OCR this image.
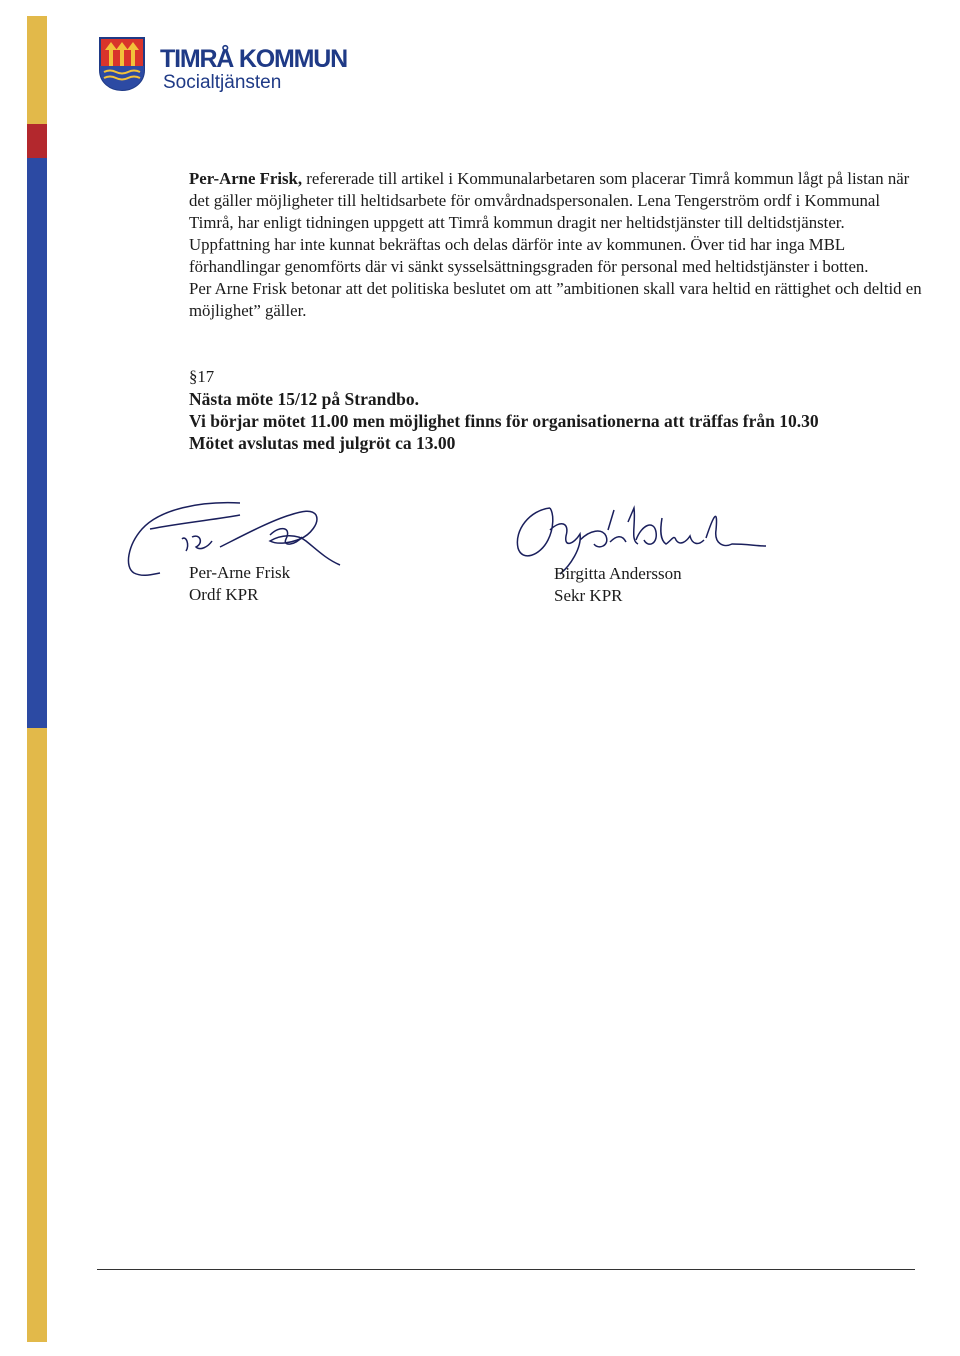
TIMRÅ KOMMUN
Socialtjänsten

Per-Arne Frisk, refererade till artikel i Kommunalarbetaren som placerar Timrå kommun lågt på listan när det gäller möjligheter till heltidsarbete för omvårdnadspersonalen. Lena Tengerström ordf i Kommunal Timrå, har enligt tidningen uppgett att Timrå kommun dragit ner heltidstjänster till deltidstjänster. Uppfattning har inte kunnat bekräftas och delas därför inte av kommunen. Över tid har inga MBL förhandlingar genomförts där vi sänkt sysselsättningsgraden för personal med heltidstjänster i botten.

Per Arne Frisk betonar att det politiska beslutet om att ”ambitionen skall vara heltid en rättighet och deltid en möjlighet” gäller.

§17
Nästa möte 15/12 på Strandbo.
Vi börjar mötet 11.00 men möjlighet finns för organisationerna att träffas från 10.30
Mötet avslutas med julgröt ca 13.00
Per-Arne Frisk
Ordf KPR
Birgitta Andersson
Sekr KPR
